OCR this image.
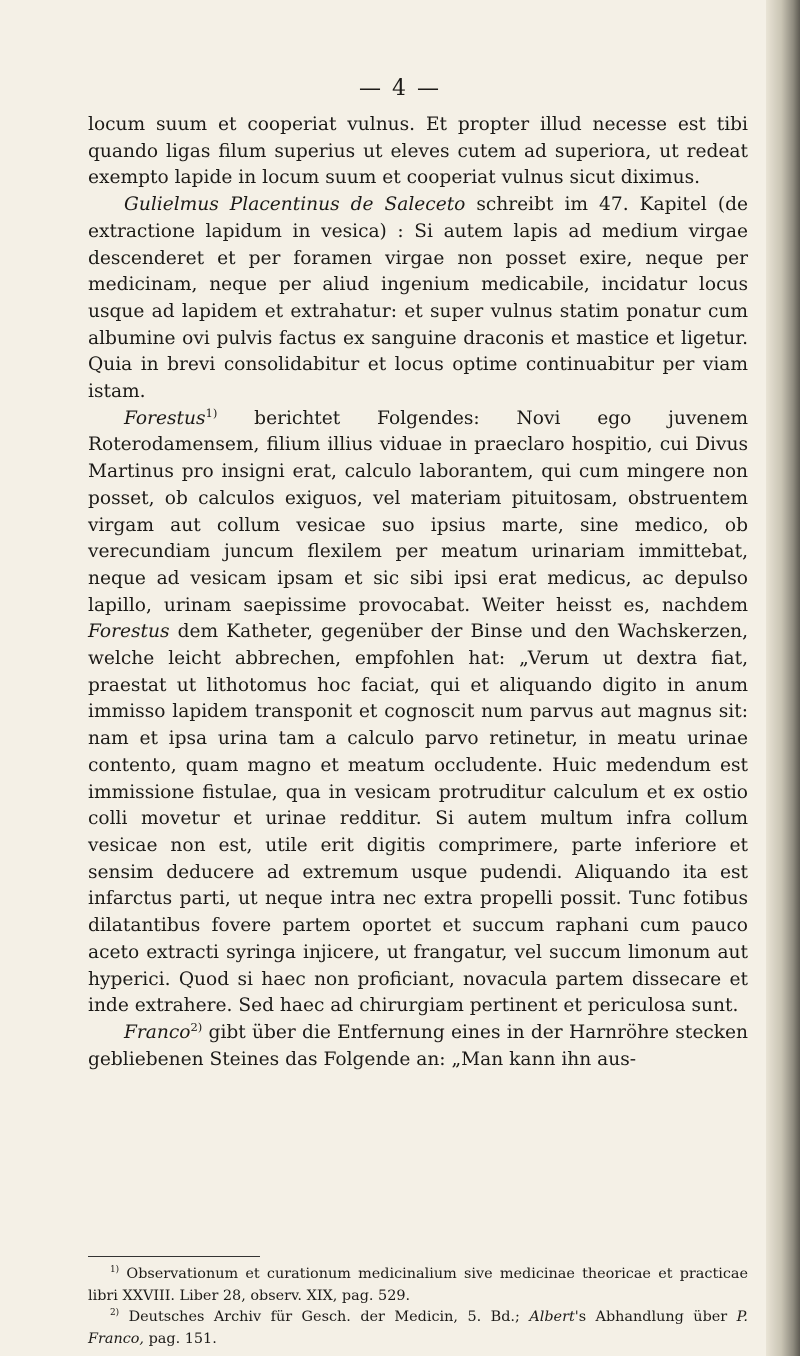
— 4 —

locum suum et cooperiat vulnus. Et propter illud necesse est tibi quando ligas filum superius ut eleves cutem ad superiora, ut redeat exempto lapide in locum suum et cooperiat vulnus sicut diximus.

Gulielmus Placentinus de Saleceto schreibt im 47. Kapitel (de extractione lapidum in vesica) : Si autem lapis ad medium virgae descenderet et per foramen virgae non posset exire, neque per medicinam, neque per aliud ingenium medicabile, incidatur locus usque ad lapidem et extrahatur: et super vulnus statim ponatur cum albumine ovi pulvis factus ex sanguine draconis et mastice et ligetur. Quia in brevi consolidabitur et locus optime continuabitur per viam istam.

Forestus$^{1)}$ berichtet Folgendes: Novi ego juvenem Roterodamensem, filium illius viduae in praeclaro hospitio, cui Divus Martinus pro insigni erat, calculo laborantem, qui cum mingere non posset, ob calculos exiguos, vel materiam pituitosam, obstruentem virgam aut collum vesicae suo ipsius marte, sine medico, ob verecundiam juncum flexilem per meatum urinariam immittebat, neque ad vesicam ipsam et sic sibi ipsi erat medicus, ac depulso lapillo, urinam saepissime provocabat. Weiter heisst es, nachdem Forestus dem Katheter, gegenüber der Binse und den Wachskerzen, welche leicht abbrechen, empfohlen hat: „Verum ut dextra fiat, praestat ut lithotomus hoc faciat, qui et aliquando digito in anum immisso lapidem transponit et cognoscit num parvus aut magnus sit: nam et ipsa urina tam a calculo parvo retinetur, in meatu urinae contento, quam magno et meatum occludente. Huic medendum est immissione fistulae, qua in vesicam protruditur calculum et ex ostio colli movetur et urinae redditur. Si autem multum infra collum vesicae non est, utile erit digitis comprimere, parte inferiore et sensim deducere ad extremum usque pudendi. Aliquando ita est infarctus parti, ut neque intra nec extra propelli possit. Tunc fotibus dilatantibus fovere partem oportet et succum raphani cum pauco aceto extracti syringa injicere, ut frangatur, vel succum limonum aut hyperici. Quod si haec non proficiant, novacula partem dissecare et inde extrahere. Sed haec ad chirurgiam pertinent et periculosa sunt.

Franco$^{2)}$ gibt über die Entfernung eines in der Harnröhre stecken gebliebenen Steines das Folgende an: „Man kann ihn aus-

$^{1)}$ Observationum et curationum medicinalium sive medicinae theoricae et practicae libri XXVIII. Liber 28, observ. XIX, pag. 529.

$^{2)}$ Deutsches Archiv für Gesch. der Medicin, 5. Bd.; Albert's Abhandlung über P. Franco, pag. 151.
